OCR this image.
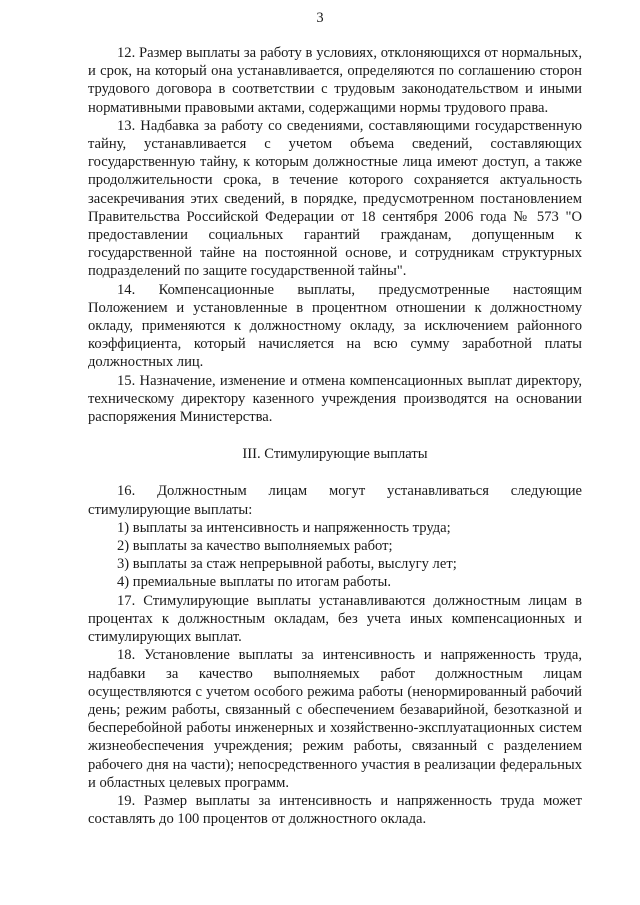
3

12. Размер выплаты за работу в условиях, отклоняющихся от нормальных, и срок, на который она устанавливается, определяются по соглашению сторон трудового договора в соответствии с трудовым законодательством и иными нормативными правовыми актами, содержащими нормы трудового права.

13. Надбавка за работу со сведениями, составляющими государственную тайну, устанавливается с учетом объема сведений, составляющих государственную тайну, к которым должностные лица имеют доступ, а также продолжительности срока, в течение которого сохраняется актуальность засекречивания этих сведений, в порядке, предусмотренном постановлением Правительства Российской Федерации от 18 сентября 2006 года № 573 "О предоставлении социальных гарантий гражданам, допущенным к государственной тайне на постоянной основе, и сотрудникам структурных подразделений по защите государственной тайны".

14. Компенсационные выплаты, предусмотренные настоящим Положением и установленные в процентном отношении к должностному окладу, применяются к должностному окладу, за исключением районного коэффициента, который начисляется на всю сумму заработной платы должностных лиц.

15. Назначение, изменение и отмена компенсационных выплат директору, техническому директору казенного учреждения производятся на основании распоряжения Министерства.

III. Стимулирующие выплаты

16. Должностным лицам могут устанавливаться следующие стимулирующие выплаты:

1) выплаты за интенсивность и напряженность труда;

2) выплаты за качество выполняемых работ;

3) выплаты за стаж непрерывной работы, выслугу лет;

4) премиальные выплаты по итогам работы.

17. Стимулирующие выплаты устанавливаются должностным лицам в процентах к должностным окладам, без учета иных компенсационных и стимулирующих выплат.

18. Установление выплаты за интенсивность и напряженность труда, надбавки за качество выполняемых работ должностным лицам осуществляются с учетом особого режима работы (ненормированный рабочий день; режим работы, связанный с обеспечением безаварийной, безотказной и бесперебойной работы инженерных и хозяйственно-эксплуатационных систем жизнеобеспечения учреждения; режим работы, связанный с разделением рабочего дня на части); непосредственного участия в реализации федеральных и областных целевых программ.

19. Размер выплаты за интенсивность и напряженность труда может составлять до 100 процентов от должностного оклада.
